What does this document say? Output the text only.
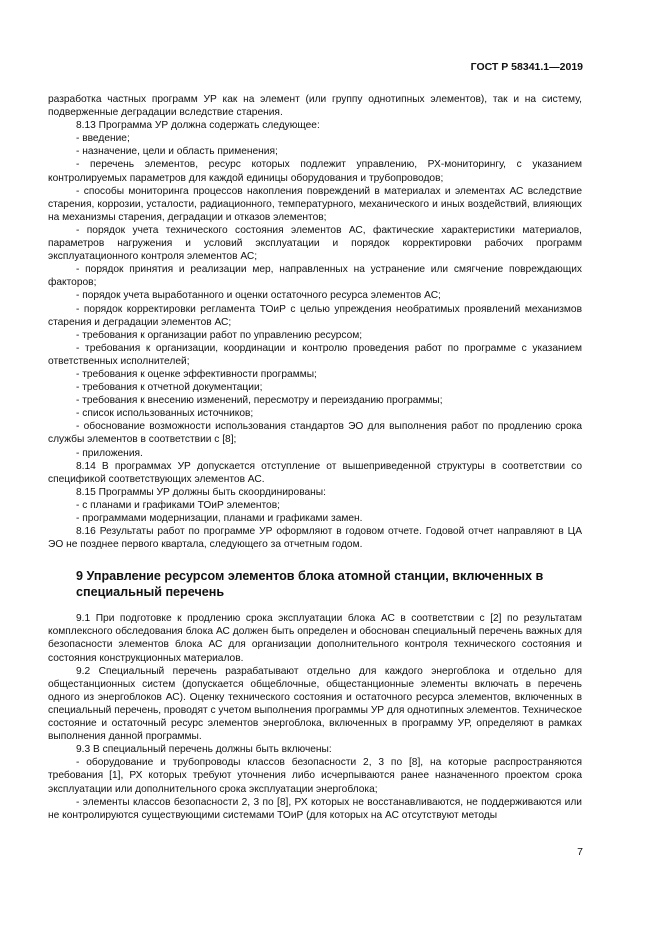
ГОСТ Р 58341.1—2019

разработка частных программ УР как на элемент (или группу однотипных элементов), так и на систему, подверженные деградации вследствие старения.

8.13 Программа УР должна содержать следующее:

- введение;

- назначение, цели и область применения;

- перечень элементов, ресурс которых подлежит управлению, РХ-мониторингу, с указанием контролируемых параметров для каждой единицы оборудования и трубопроводов;

- способы мониторинга процессов накопления повреждений в материалах и элементах АС вследствие старения, коррозии, усталости, радиационного, температурного, механического и иных воздействий, влияющих на механизмы старения, деградации и отказов элементов;

- порядок учета технического состояния элементов АС, фактические характеристики материалов, параметров нагружения и условий эксплуатации и порядок корректировки рабочих программ эксплуатационного контроля элементов АС;

- порядок принятия и реализации мер, направленных на устранение или смягчение повреждающих факторов;

- порядок учета выработанного и оценки остаточного ресурса элементов АС;

- порядок корректировки регламента ТОиР с целью упреждения необратимых проявлений механизмов старения и деградации элементов АС;

- требования к организации работ по управлению ресурсом;

- требования к организации, координации и контролю проведения работ по программе с указанием ответственных исполнителей;

- требования к оценке эффективности программы;

- требования к отчетной документации;

- требования к внесению изменений, пересмотру и переизданию программы;

- список использованных источников;

- обоснование возможности использования стандартов ЭО для выполнения работ по продлению срока службы элементов в соответствии с [8];

- приложения.

8.14 В программах УР допускается отступление от вышеприведенной структуры в соответствии со спецификой соответствующих элементов АС.

8.15 Программы УР должны быть скоординированы:

- с планами и графиками ТОиР элементов;

- программами модернизации, планами и графиками замен.

8.16 Результаты работ по программе УР оформляют в годовом отчете. Годовой отчет направляют в ЦА ЭО не позднее первого квартала, следующего за отчетным годом.

9 Управление ресурсом элементов блока атомной станции, включенных в специальный перечень

9.1 При подготовке к продлению срока эксплуатации блока АС в соответствии с [2] по результатам комплексного обследования блока АС должен быть определен и обоснован специальный перечень важных для безопасности элементов блока АС для организации дополнительного контроля технического состояния и состояния конструкционных материалов.

9.2 Специальный перечень разрабатывают отдельно для каждого энергоблока и отдельно для общестанционных систем (допускается общеблочные, общестанционные элементы включать в перечень одного из энергоблоков АС). Оценку технического состояния и остаточного ресурса элементов, включенных в специальный перечень, проводят с учетом выполнения программы УР для однотипных элементов. Техническое состояние и остаточный ресурс элементов энергоблока, включенных в программу УР, определяют в рамках выполнения данной программы.

9.3 В специальный перечень должны быть включены:

- оборудование и трубопроводы классов безопасности 2, 3 по [8], на которые распространяются требования [1], РХ которых требуют уточнения либо исчерпываются ранее назначенного проектом срока эксплуатации или дополнительного срока эксплуатации энергоблока;

- элементы классов безопасности 2, 3 по [8], РХ которых не восстанавливаются, не поддерживаются или не контролируются существующими системами ТОиР (для которых на АС отсутствуют методы

7
